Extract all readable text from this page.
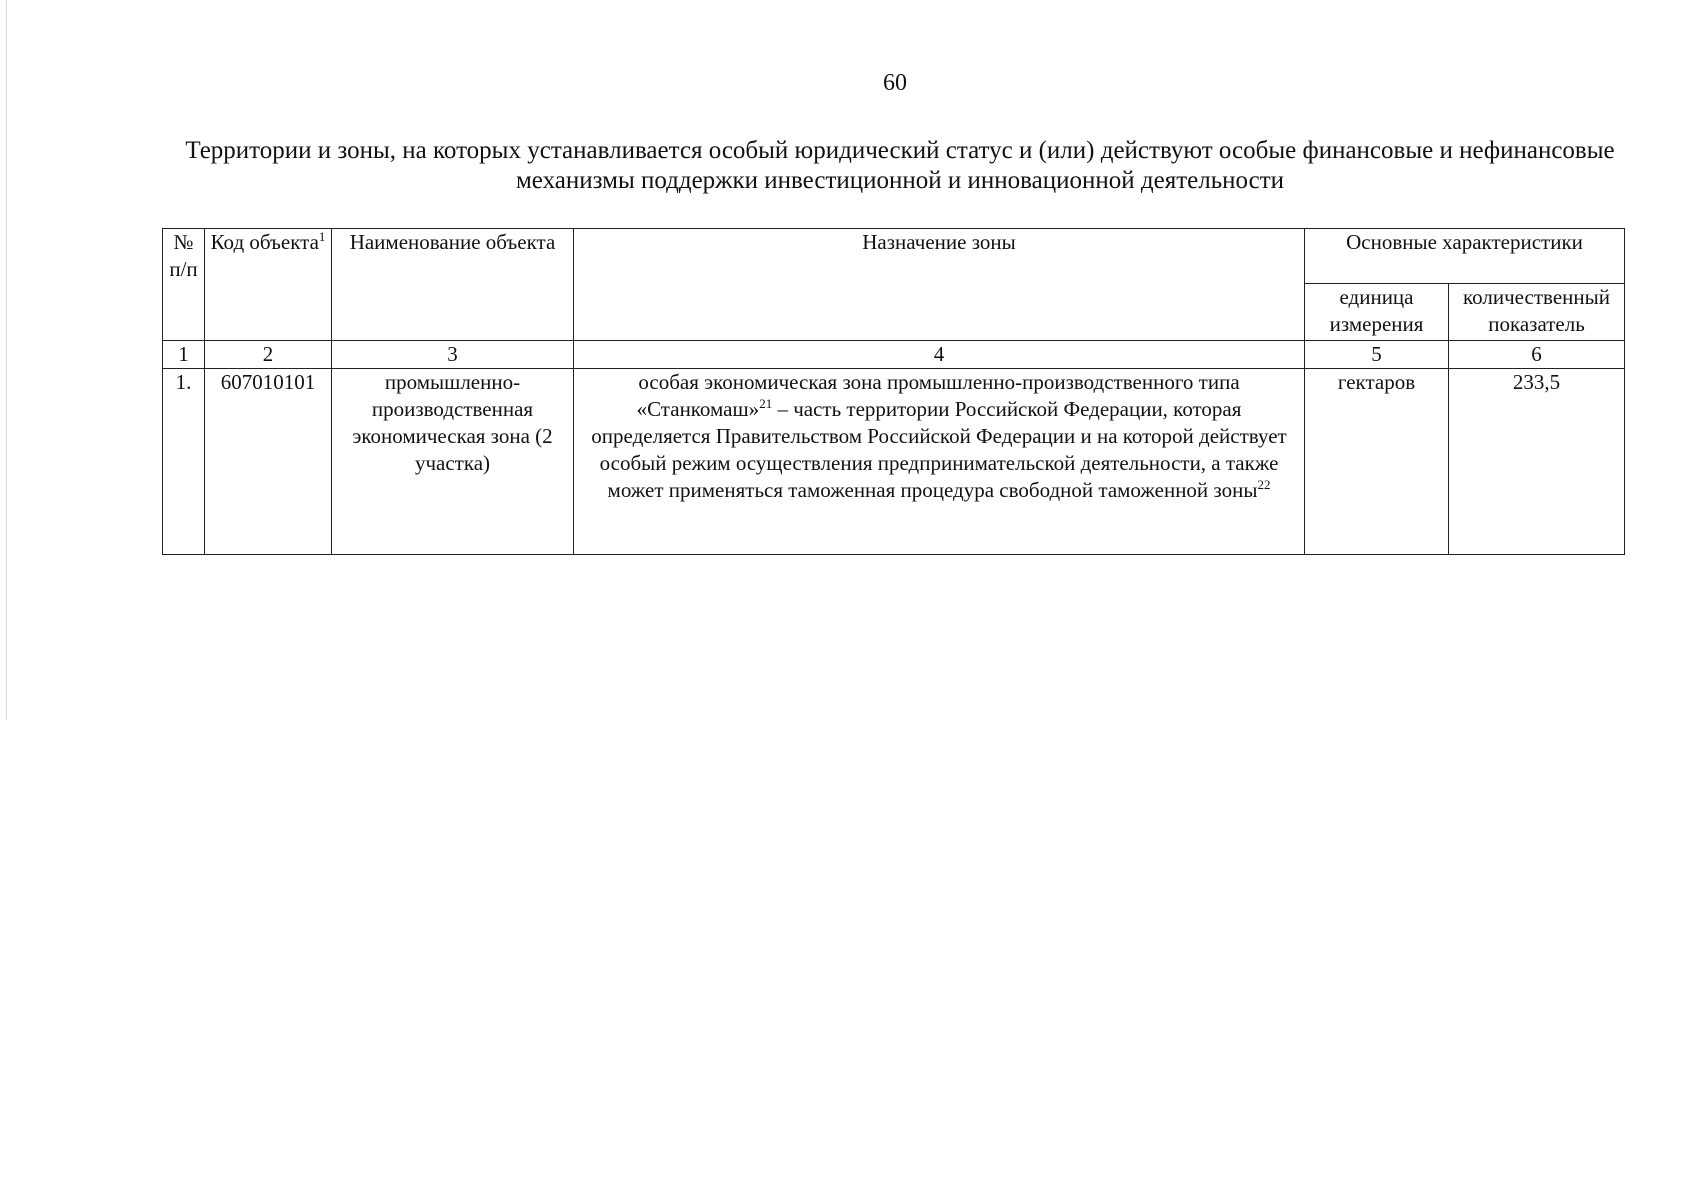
60
Территории и зоны, на которых устанавливается особый юридический статус и (или) действуют особые финансовые и нефинансовые механизмы поддержки инвестиционной и инновационной деятельности
№ п/п	Код объекта$^1$	Наименование объекта	Назначение зоны	Основные характеристики	
				единица измерения	количественный показатель
1	2	3	4	5	6
1.	607010101	промышленно-производственная экономическая зона (2 участка)	особая экономическая зона промышленно-производственного типа «Станкомаш»$^{21}$ – часть территории Российской Федерации, которая определяется Правительством Российской Федерации и на которой действует особый режим осуществления предпринимательской деятельности, а также может применяться таможенная процедура свободной таможенной зоны$^{22}$	гектаров	233,5
